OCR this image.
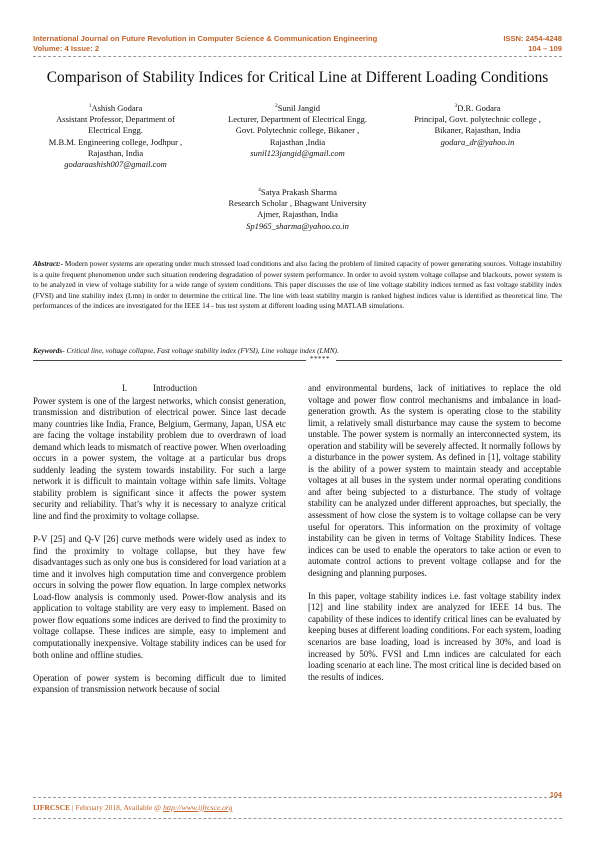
International Journal on Future Revolution in Computer Science & Communication Engineering
Volume: 4 Issue: 2
ISSN: 2454-4248
104 – 109
Comparison of Stability Indices for Critical Line at Different Loading Conditions
$^1$Ashish Godara
Assistant Professor, Department of
Electrical Engg.
M.B.M. Engineering college, Jodhpur ,
Rajasthan, India
godaraashish007@gmail.com
$^2$Sunil Jangid
Lecturer, Department of Electrical Engg.
Govt. Polytechnic college, Bikaner ,
Rajasthan ,India
sunil123jangid@gmail.com
$^3$D.R. Godara
Principal, Govt. polytechnic college ,
Bikaner, Rajasthan, India
godara_dr@yahoo.in
$^4$Satya Prakash Sharma
Research Scholar , Bhagwant University
Ajmer, Rajasthan, India
Sp1965_sharma@yahoo.co.in
Abstract:- Modern power systems are operating under much stressed load conditions and also facing the problem of limited capacity of power generating sources. Voltage instability is a quite frequent phenomenon under such situation rendering degradation of power system performance. In order to avoid system voltage collapse and blackouts, power system is to be analyzed in view of voltage stability for a wide range of system conditions. This paper discusses the use of line voltage stability indices termed as fast voltage stability index (FVSI) and line stability index (Lmn) in order to determine the critical line. The line with least stability margin is ranked highest indices value is identified as theoretical line. The performances of the indices are investigated for the IEEE 14 - bus test system at different loading using MATLAB simulations.
Keywords- Critical line, voltage collapse, Fast voltage stability index (FVSI), Line voltage index (LMN).
*****
I.	Introduction

Power system is one of the largest networks, which consist generation, transmission and distribution of electrical power. Since last decade many countries like India, France, Belgium, Germany, Japan, USA etc are facing the voltage instability problem due to overdrawn of load demand which leads to mismatch of reactive power. When overloading occurs in a power system, the voltage at a particular bus drops suddenly leading the system towards instability. For such a large network it is difficult to maintain voltage within safe limits. Voltage stability problem is significant since it affects the power system security and reliability. That’s why it is necessary to analyze critical line and find the proximity to voltage collapse.

P-V [25] and Q-V [26] curve methods were widely used as index to find the proximity to voltage collapse, but they have few disadvantages such as only one bus is considered for load variation at a time and it involves high computation time and convergence problem occurs in solving the power flow equation. In large complex networks Load-flow analysis is commonly used. Power-flow analysis and its application to voltage stability are very easy to implement. Based on power flow equations some indices are derived to find the proximity to voltage collapse. These indices are simple, easy to implement and computationally inexpensive. Voltage stability indices can be used for both online and offline studies.

Operation of power system is becoming difficult due to limited expansion of transmission network because of social

and environmental burdens, lack of initiatives to replace the old voltage and power flow control mechanisms and imbalance in load-generation growth. As the system is operating close to the stability limit, a relatively small disturbance may cause the system to become unstable. The power system is normally an interconnected system, its operation and stability will be severely affected. It normally follows by a disturbance in the power system. As defined in [1], voltage stability is the ability of a power system to maintain steady and acceptable voltages at all buses in the system under normal operating conditions and after being subjected to a disturbance. The study of voltage stability can be analyzed under different approaches, but specially, the assessment of how close the system is to voltage collapse can be very useful for operators. This information on the proximity of voltage instability can be given in terms of Voltage Stability Indices. These indices can be used to enable the operators to take action or even to automate control actions to prevent voltage collapse and for the designing and planning purposes.

In this paper, voltage stability indices i.e. fast voltage stability index [12] and line stability index are analyzed for IEEE 14 bus. The capability of these indices to identify critical lines can be evaluated by keeping buses at different loading conditions. For each system, loading scenarios are base loading, load is increased by 30%, and load is increased by 50%. FVSI and Lmn indices are calculated for each loading scenario at each line. The most critical line is decided based on the results of indices.

104
IJFRCSCE | February 2018, Available @ http://www.ijfrcsce.org
